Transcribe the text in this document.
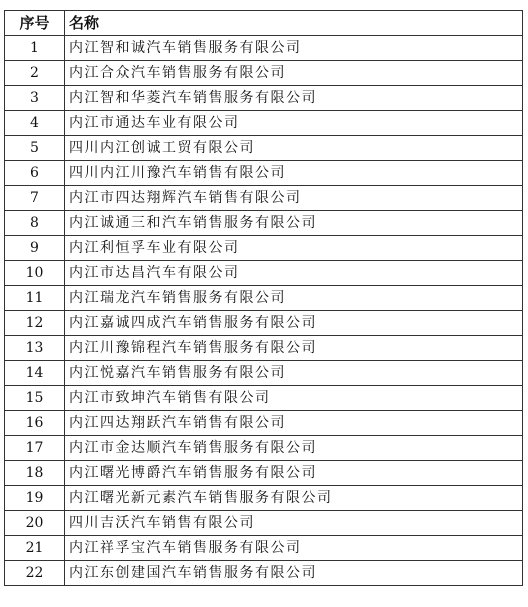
序号	名称
1	内江智和诚汽车销售服务有限公司
2	内江合众汽车销售服务有限公司
3	内江智和华菱汽车销售服务有限公司
4	内江市通达车业有限公司
5	四川内江创诚工贸有限公司
6	四川内江川豫汽车销售有限公司
7	内江市四达翔辉汽车销售有限公司
8	内江诚通三和汽车销售服务有限公司
9	内江利恒孚车业有限公司
10	内江市达昌汽车有限公司
11	内江瑞龙汽车销售服务有限公司
12	内江嘉诚四成汽车销售服务有限公司
13	内江川豫锦程汽车销售服务有限公司
14	内江悦嘉汽车销售服务有限公司
15	内江市致坤汽车销售有限公司
16	内江四达翔跃汽车销售有限公司
17	内江市金达顺汽车销售服务有限公司
18	内江曙光博爵汽车销售服务有限公司
19	内江曙光新元素汽车销售服务有限公司
20	四川吉沃汽车销售有限公司
21	内江祥孚宝汽车销售服务有限公司
22	内江东创建国汽车销售服务有限公司
